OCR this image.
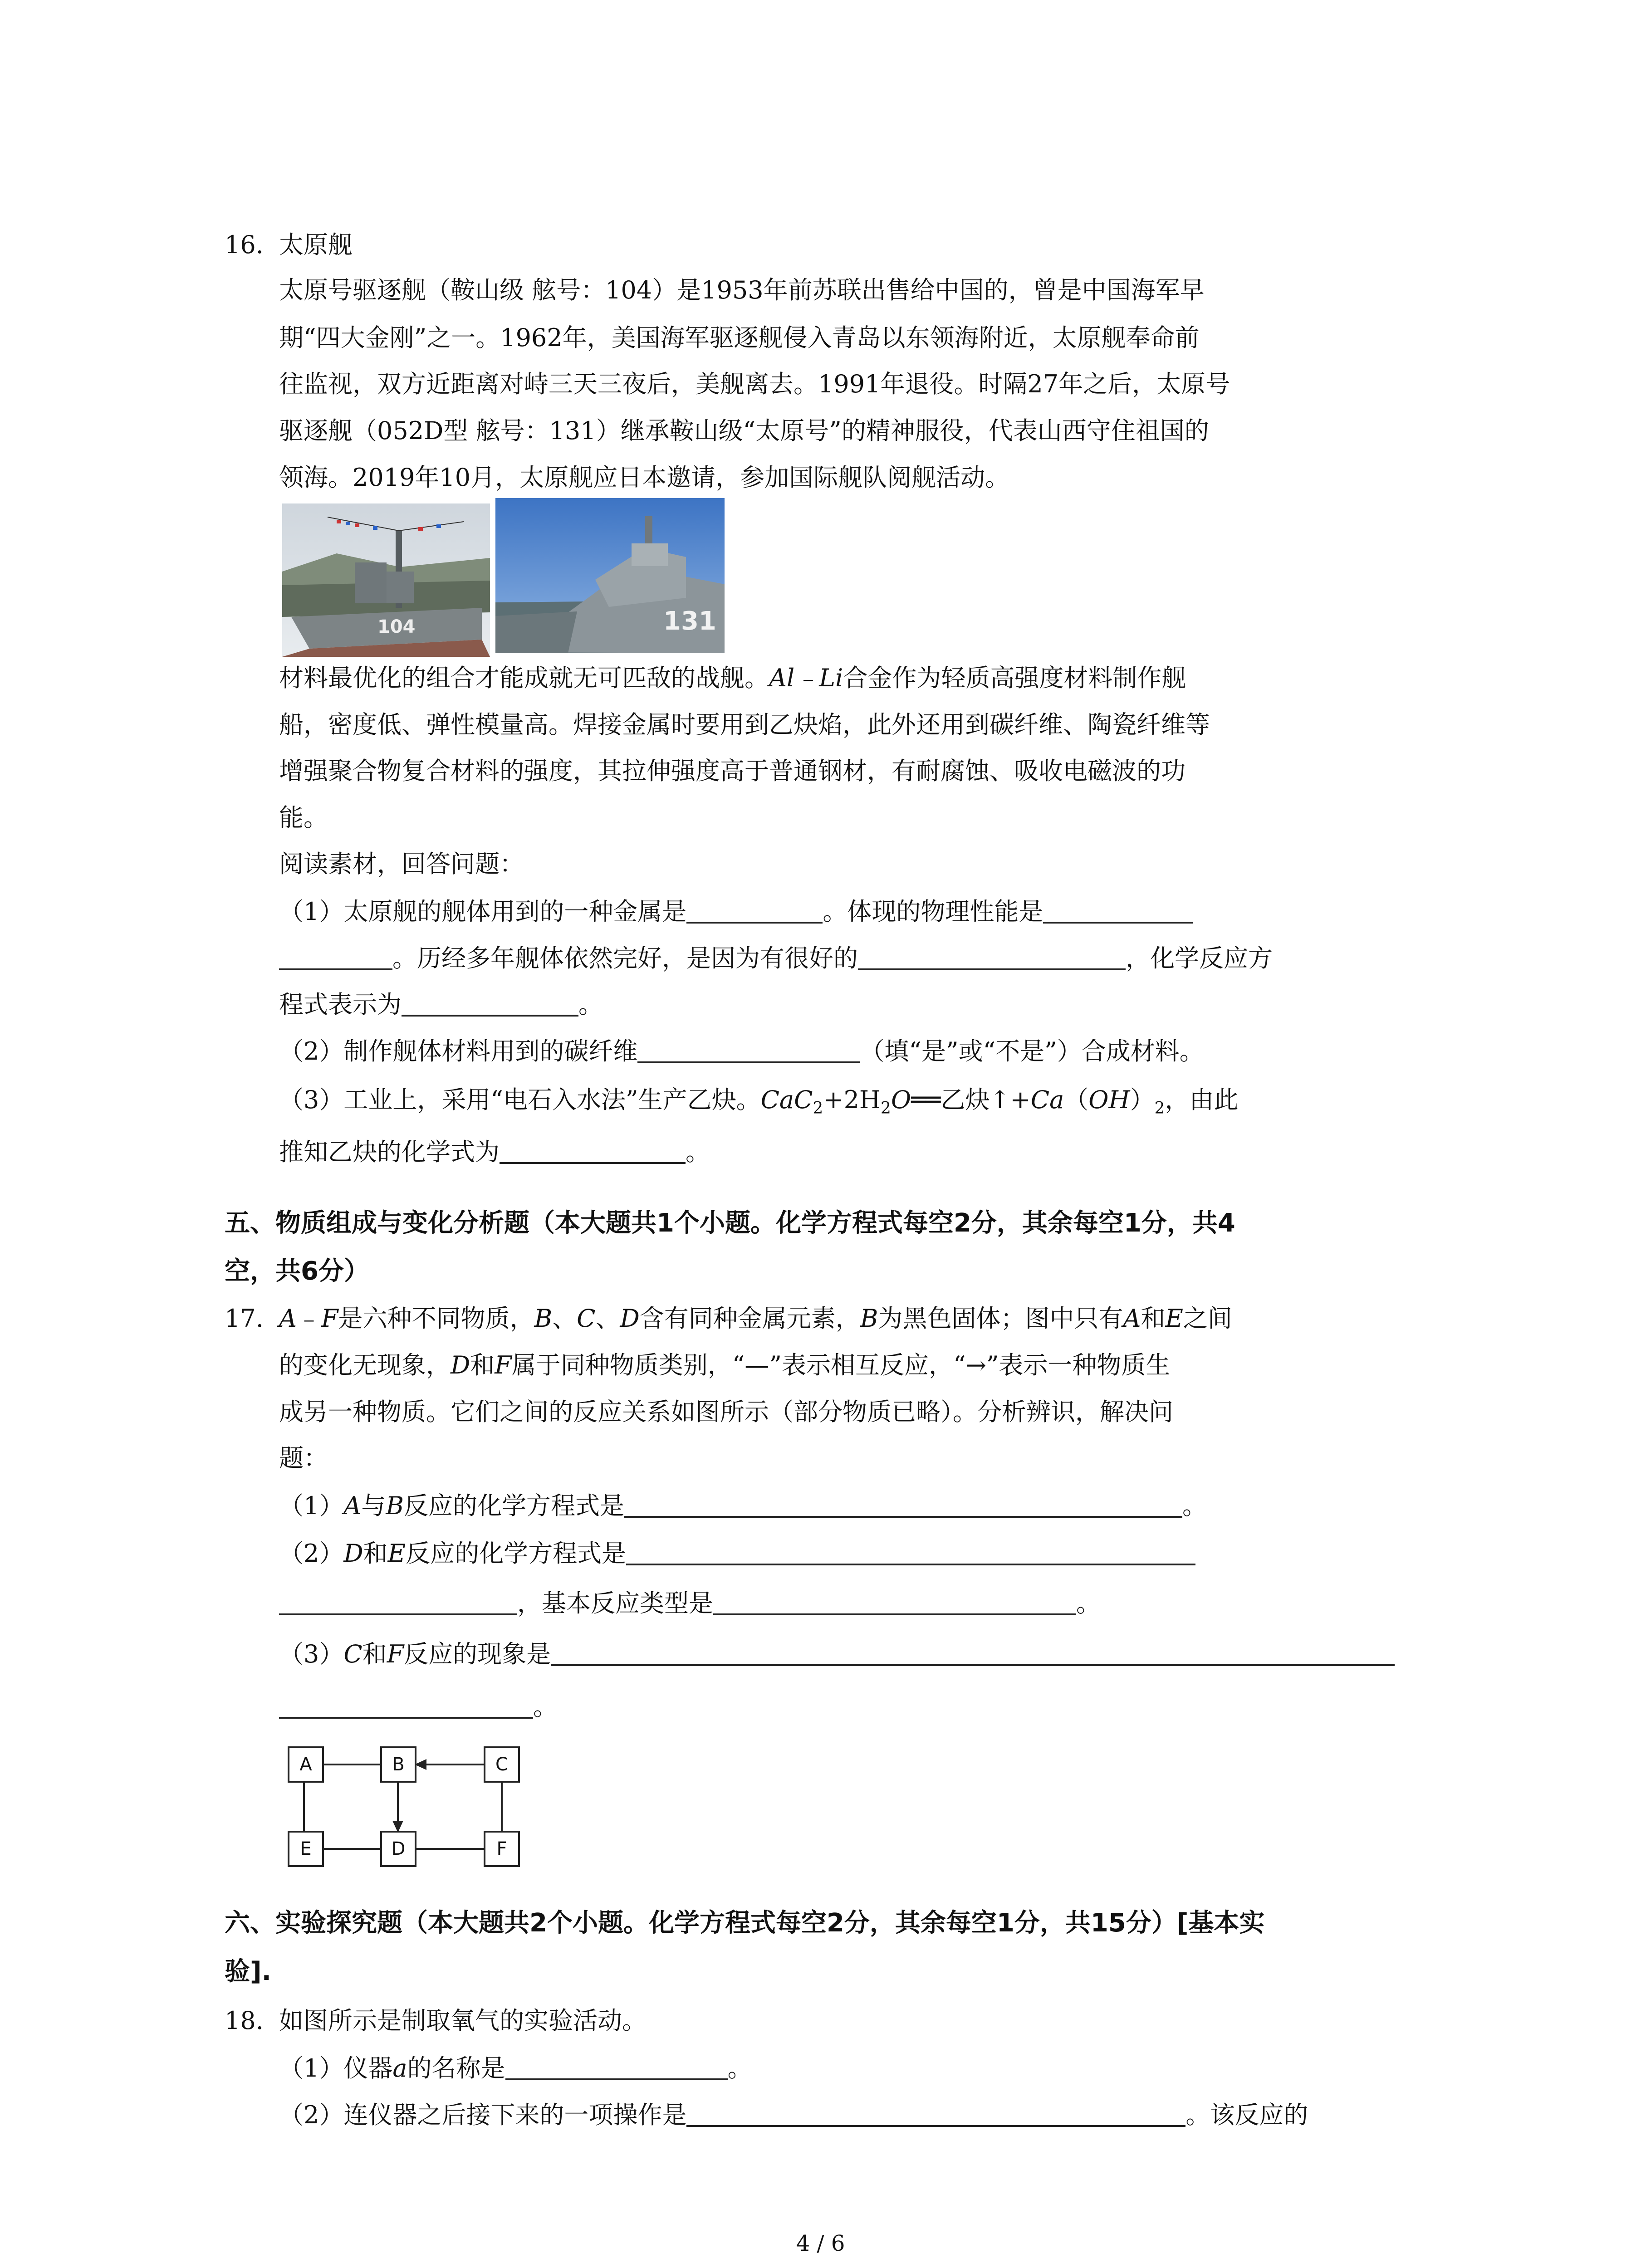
16. 太原舰
太原号驱逐舰（鞍山级 舷号：104）是1953年前苏联出售给中国的，曾是中国海军早
期“四大金刚”之一。1962年，美国海军驱逐舰侵入青岛以东领海附近，太原舰奉命前
往监视，双方近距离对峙三天三夜后，美舰离去。1991年退役。时隔27年之后，太原号
驱逐舰（052D型 舷号：131）继承鞍山级“太原号”的精神服役，代表山西守住祖国的
领海。2019年10月，太原舰应日本邀请，参加国际舰队阅舰活动。
104	131
材料最优化的组合才能成就无可匹敌的战舰。Al﹣Li合金作为轻质高强度材料制作舰
船，密度低、弹性模量高。焊接金属时要用到乙炔焰，此外还用到碳纤维、陶瓷纤维等
增强聚合物复合材料的强度，其拉伸强度高于普通钢材，有耐腐蚀、吸收电磁波的功
能。
阅读素材，回答问题：
（1）太原舰的舰体用到的一种金属是	。体现的物理性能是
。历经多年舰体依然完好，是因为有很好的	，化学反应方
程式表示为	。
（2）制作舰体材料用到的碳纤维	（填“是”或“不是”）合成材料。
（3）工业上，采用“电石入水法”生产乙炔。$CaC_2+2H_2O══$乙炔$↑+Ca(OH)_2$，由此
推知乙炔的化学式为	。
五、物质组成与变化分析题（本大题共1个小题。化学方程式每空2分，其余每空1分，共4
空，共6分）
17. A﹣F是六种不同物质，B、C、D含有同种金属元素，B为黑色固体；图中只有A和E之间
的变化无现象，D和F属于同种物质类别，“—”表示相互反应，“→”表示一种物质生
成另一种物质。它们之间的反应关系如图所示（部分物质已略）。分析辨识，解决问
题：
（1）A与B反应的化学方程式是	。
（2）D和E反应的化学方程式是
，基本反应类型是	。
（3）C和F反应的现象是
。
A	B	C
E	D	F
六、实验探究题（本大题共2个小题。化学方程式每空2分，其余每空1分，共15分）[基本实
验].
18. 如图所示是制取氧气的实验活动。
（1）仪器a的名称是	。
（2）连仪器之后接下来的一项操作是	。该反应的
4 / 6
